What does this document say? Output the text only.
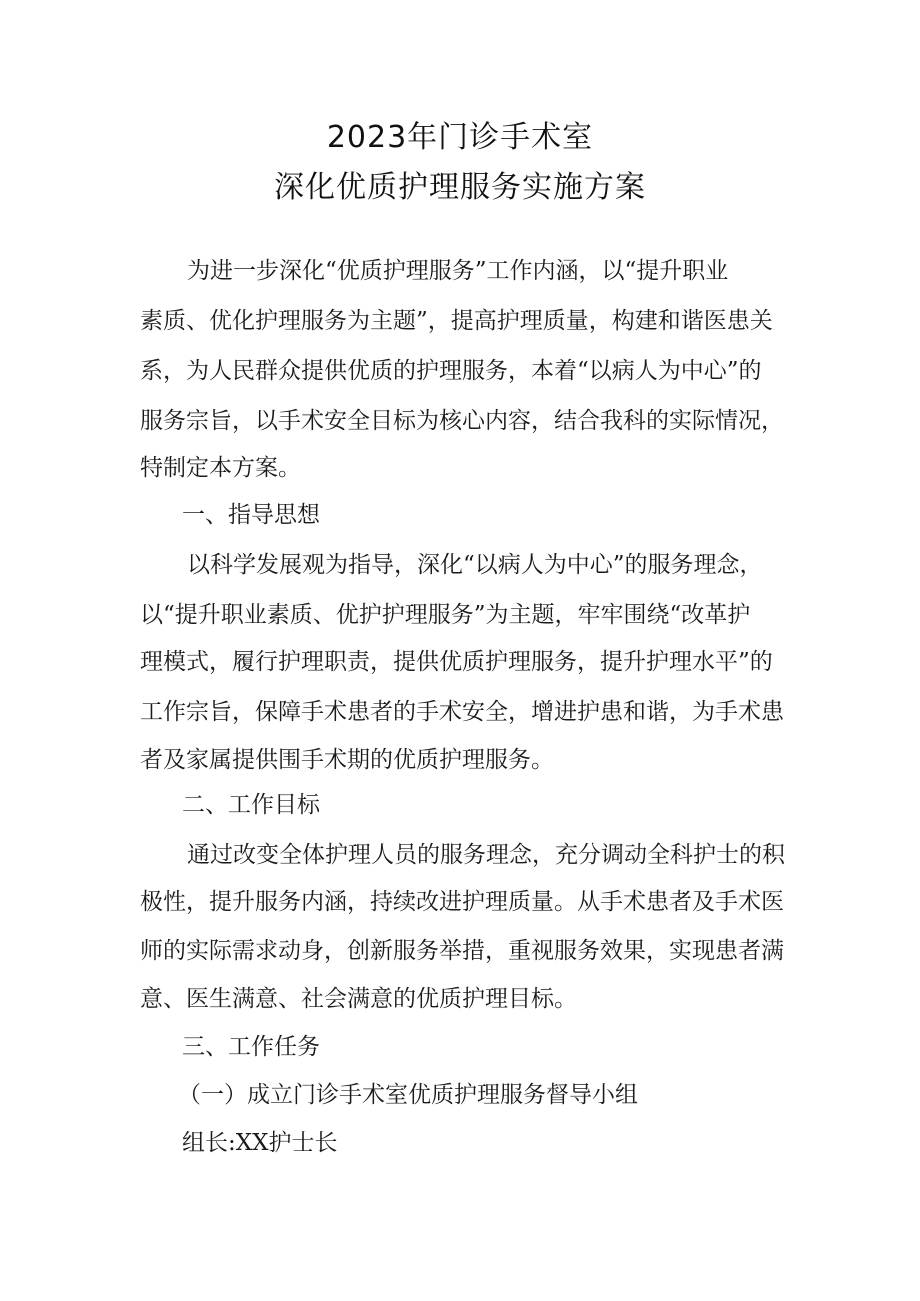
2023年门诊手术室
深化优质护理服务实施方案
为进一步深化“优质护理服务”工作内涵，以“提升职业
素质、优化护理服务为主题”，提高护理质量，构建和谐医患关
系，为人民群众提供优质的护理服务，本着“以病人为中心”的
服务宗旨，以手术安全目标为核心内容，结合我科的实际情况，
特制定本方案。
一、指导思想
以科学发展观为指导，深化“以病人为中心”的服务理念，
以“提升职业素质、优护护理服务”为主题，牢牢围绕“改革护
理模式，履行护理职责，提供优质护理服务，提升护理水平”的
工作宗旨，保障手术患者的手术安全，增进护患和谐，为手术患
者及家属提供围手术期的优质护理服务。
二、工作目标
通过改变全体护理人员的服务理念，充分调动全科护士的积
极性，提升服务内涵，持续改进护理质量。从手术患者及手术医
师的实际需求动身，创新服务举措，重视服务效果，实现患者满
意、医生满意、社会满意的优质护理目标。
三、工作任务
（一）成立门诊手术室优质护理服务督导小组
组长:XX护士长
